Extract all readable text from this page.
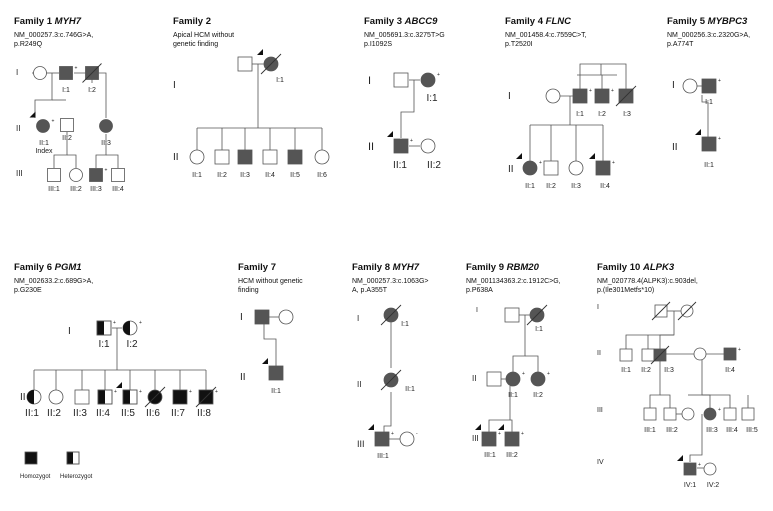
Family 1 MYH7
NM_000257.3:c.746G>A,
p.R249Q
Family 2
Apical HCM without
genetic finding
Family 3 ABCC9
NM_005691.3:c.3275T>G
p.I1092S
Family 4 FLNC
NM_001458.4:c.7559C>T,
p.T2520I
Family 5 MYBPC3
NM_000256.3:c.2320G>A,
p.A774T
Family 6 PGM1
NM_002633.2:c.689G>A,
p.G230E
Family 7
HCM without genetic
finding
Family 8 MYH7
NM_000257.3:c.1063G>
A, p.A355T
Family 9 RBM20
NM_001134363.2:c.1912C>G,
p.P638A
Family 10 ALPK3
NM_020778.4(ALPK3):c.903del,
p.(Ile301Metfs*10)
I
II
III
+
I:1	I:2
+
II:1
Index
II:2
II:3
+
III:1 III:2 III:3 III:4
I
II
I:1
II:1 II:2 II:3 II:4 II:5 II:6
I
II
+
I:1
+
II:1 II:2
I
II
+	+
I:1 I:2 I:3
+	+
II:1 II:2 II:3	II:4
I
II
+
I:1
+
II:1
I
II
+	+
I:1 I:2
II:1 II:2 II:3
+
II:4
+
II:5 II:6
+
II:7
+
II:8
Homozygot Heterozygot
I
II
II:1
I
II
III
I:1
II:1
+	-
III:1
I
II
III
I:1
+	+
II:1 II:2
+	+
III:1 III:2
I
II
III
IV
+
II:1 II:2 II:3	II:4
+
III:1 III:2	III:3 III:4 III:5
+
IV:1 IV:2
